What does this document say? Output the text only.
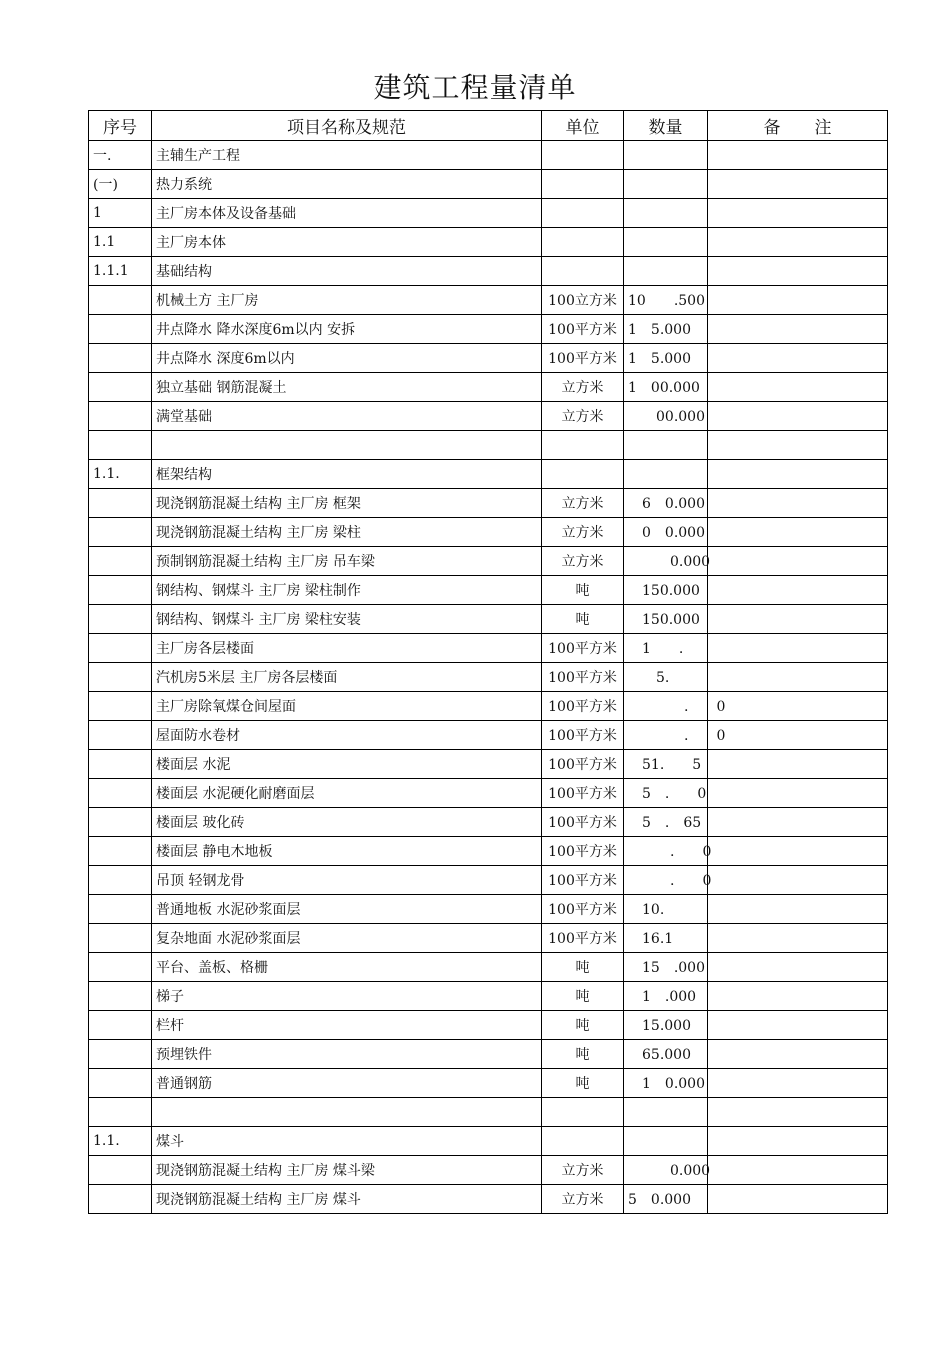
建筑工程量清单
序号	项目名称及规范	单位	数量	备　　注
一.	主辅生产工程			
(一)	热力系统			
1	主厂房本体及设备基础			
1.1	主厂房本体			
1.1.1	基础结构			
	机械土方 主厂房	100立方米	10　　.500	
	井点降水 降水深度6m以内 安拆	100平方米	1　5.000	
	井点降水 深度6m以内	100平方米	1　5.000	
	独立基础 钢筋混凝土	立方米	1　00.000	
	满堂基础	立方米	　　00.000	

1.1.	框架结构			
	现浇钢筋混凝土结构 主厂房 框架	立方米	　6　0.000	
	现浇钢筋混凝土结构 主厂房 梁柱	立方米	　0　0.000	
	预制钢筋混凝土结构 主厂房 吊车梁	立方米	　　　0.000	
	钢结构、钢煤斗 主厂房 梁柱制作	吨	　150.000	
	钢结构、钢煤斗 主厂房 梁柱安装	吨	　150.000	
	主厂房各层楼面	100平方米	　1　　.	
	汽机房5米层 主厂房各层楼面	100平方米	　　5.	
	主厂房除氧煤仓间屋面	100平方米	　　　　.　　0	
	屋面防水卷材	100平方米	　　　　.　　0	
	楼面层 水泥	100平方米	　51.　　5	
	楼面层 水泥硬化耐磨面层	100平方米	　5　.　　0	
	楼面层 玻化砖	100平方米	　5　.　65	
	楼面层 静电木地板	100平方米	　　　.　　0	
	吊顶 轻钢龙骨	100平方米	　　　.　　0	
	普通地板 水泥砂浆面层	100平方米	　10.	
	复杂地面 水泥砂浆面层	100平方米	　16.1	
	平台、盖板、格栅	吨	　15　.000	
	梯子	吨	　1　.000	
	栏杆	吨	　15.000	
	预埋铁件	吨	　65.000	
	普通钢筋	吨	　1　0.000	

1.1.	煤斗			
	现浇钢筋混凝土结构 主厂房 煤斗梁	立方米	　　　0.000	
	现浇钢筋混凝土结构 主厂房 煤斗	立方米	5　0.000	
